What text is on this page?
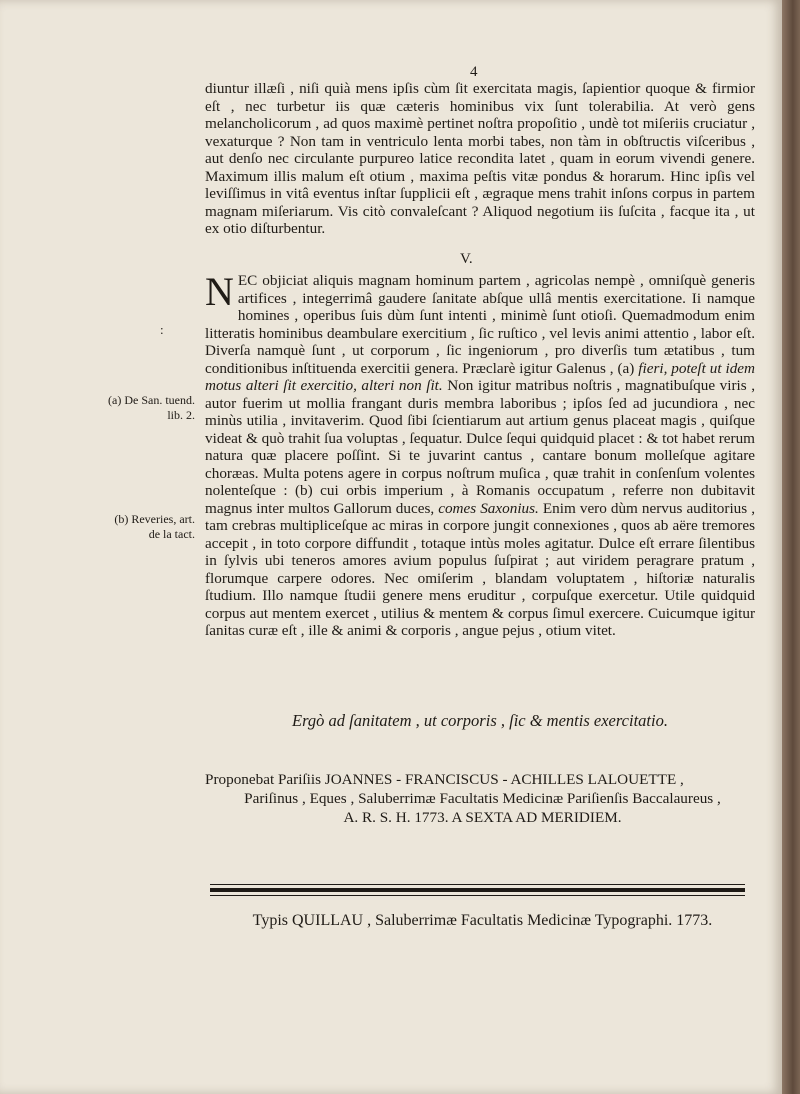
4

diuntur illæſi , niſi quià mens ipſis cùm ſit exercitata magis, ſapientior quoque & firmior eſt , nec turbetur iis quæ cæteris hominibus vix ſunt tolerabilia. At verò gens melancholicorum , ad quos maximè pertinet noſtra propoſitio , undè tot miſeriis cruciatur , vexaturque ? Non tam in ventriculo lenta morbi tabes, non tàm in obſtructis viſceribus , aut denſo nec circulante purpureo latice recondita latet , quam in eorum vivendi genere. Maximum illis malum eſt otium , maxima peſtis vitæ pondus & horarum. Hinc ipſis vel leviſſimus in vitâ eventus inſtar ſupplicii eſt , ægraque mens trahit inſons corpus in partem magnam miſeriarum. Vis citò convaleſcant ? Aliquod negotium iis ſuſcita , facque ita , ut ex otio diſturbentur.

V.
:

NEC objiciat aliquis magnam hominum partem , agricolas nempè , omniſquè generis artifices , integerrimâ gaudere ſanitate abſque ullâ mentis exercitatione. Ii namque homines , operibus ſuis dùm ſunt intenti , minimè ſunt otioſi. Quemadmodum enim litteratis hominibus deambulare exercitium , ſic ruſtico , vel levis animi attentio , labor eſt. Diverſa namquè ſunt , ut corporum , ſic ingeniorum , pro diverſis tum ætatibus , tum conditionibus inſtituenda exercitii genera. Præclarè igitur Galenus , (a) fieri, poteſt ut idem motus alteri ſit exercitio, alteri non ſit. Non igitur matribus noſtris , magnatibuſque viris , autor fuerim ut mollia frangant duris membra laboribus ; ipſos ſed ad jucundiora , nec minùs utilia , invitaverim. Quod ſibi ſcientiarum aut artium genus placeat magis , quiſque videat & quò trahit ſua voluptas , ſequatur. Dulce ſequi quidquid placet : & tot habet rerum natura quæ placere poſſint. Si te juvarint cantus , cantare bonum molleſque agitare choræas. Multa potens agere in corpus noſtrum muſica , quæ trahit in conſenſum volentes nolenteſque : (b) cui orbis imperium , à Romanis occupatum , referre non dubitavit magnus inter multos Gallorum duces, comes Saxonius. Enim vero dùm nervus auditorius , tam crebras multipliceſque ac miras in corpore jungit connexiones , quos ab aëre tremores accepit , in toto corpore diffundit , totaque intùs moles agitatur. Dulce eſt errare ſilentibus in ſylvis ubi teneros amores avium populus ſuſpirat ; aut viridem peragrare pratum , florumque carpere odores. Nec omiſerim , blandam voluptatem , hiſtoriæ naturalis ſtudium. Illo namque ſtudii genere mens eruditur , corpuſque exercetur. Utile quidquid corpus aut mentem exercet , utilius & mentem & corpus ſimul exercere. Cuicumque igitur ſanitas curæ eſt , ille & animi & corporis , angue pejus , otium vitet.

(a) De San. tuend. lib. 2.
(b) Reveries, art. de la tact.
Ergò ad ſanitatem , ut corporis , ſic & mentis exercitatio.
Proponebat Pariſiis JOANNES - FRANCISCUS - ACHILLES LALOUETTE ,
Pariſinus , Eques , Saluberrimæ Facultatis Medicinæ Pariſienſis Baccalaureus ,
A. R. S. H. 1773. A SEXTA AD MERIDIEM.
Typis QUILLAU , Saluberrimæ Facultatis Medicinæ Typographi. 1773.
